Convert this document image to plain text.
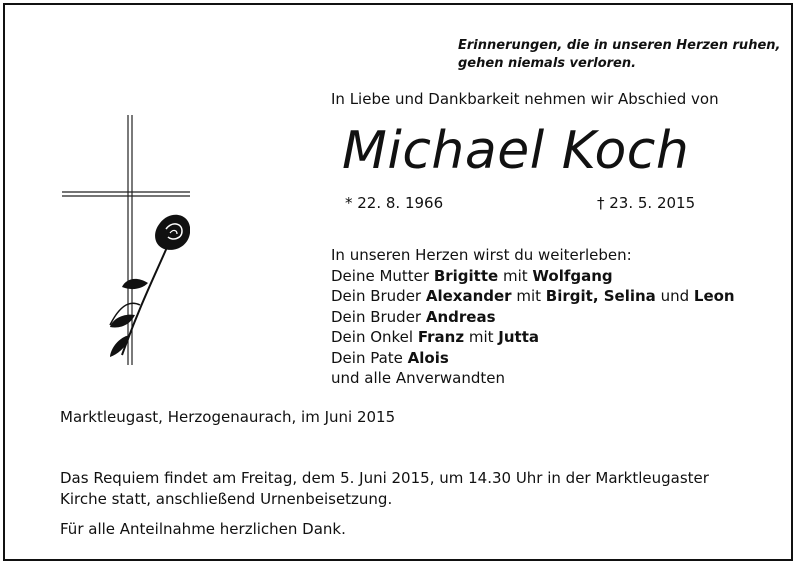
Erinnerungen, die in unseren Herzen ruhen,
gehen niemals verloren.
In Liebe und Dankbarkeit nehmen wir Abschied von
Michael Koch
* 22. 8. 1966	† 23. 5. 2015
In unseren Herzen wirst du weiterleben:
Deine Mutter Brigitte mit Wolfgang
Dein Bruder Alexander mit Birgit, Selina und Leon
Dein Bruder Andreas
Dein Onkel Franz mit Jutta
Dein Pate Alois
und alle Anverwandten
Marktleugast, Herzogenaurach, im Juni 2015
Das Requiem findet am Freitag, dem 5. Juni 2015, um 14.30 Uhr in der Marktleugaster
Kirche statt, anschließend Urnenbeisetzung.
Für alle Anteilnahme herzlichen Dank.
